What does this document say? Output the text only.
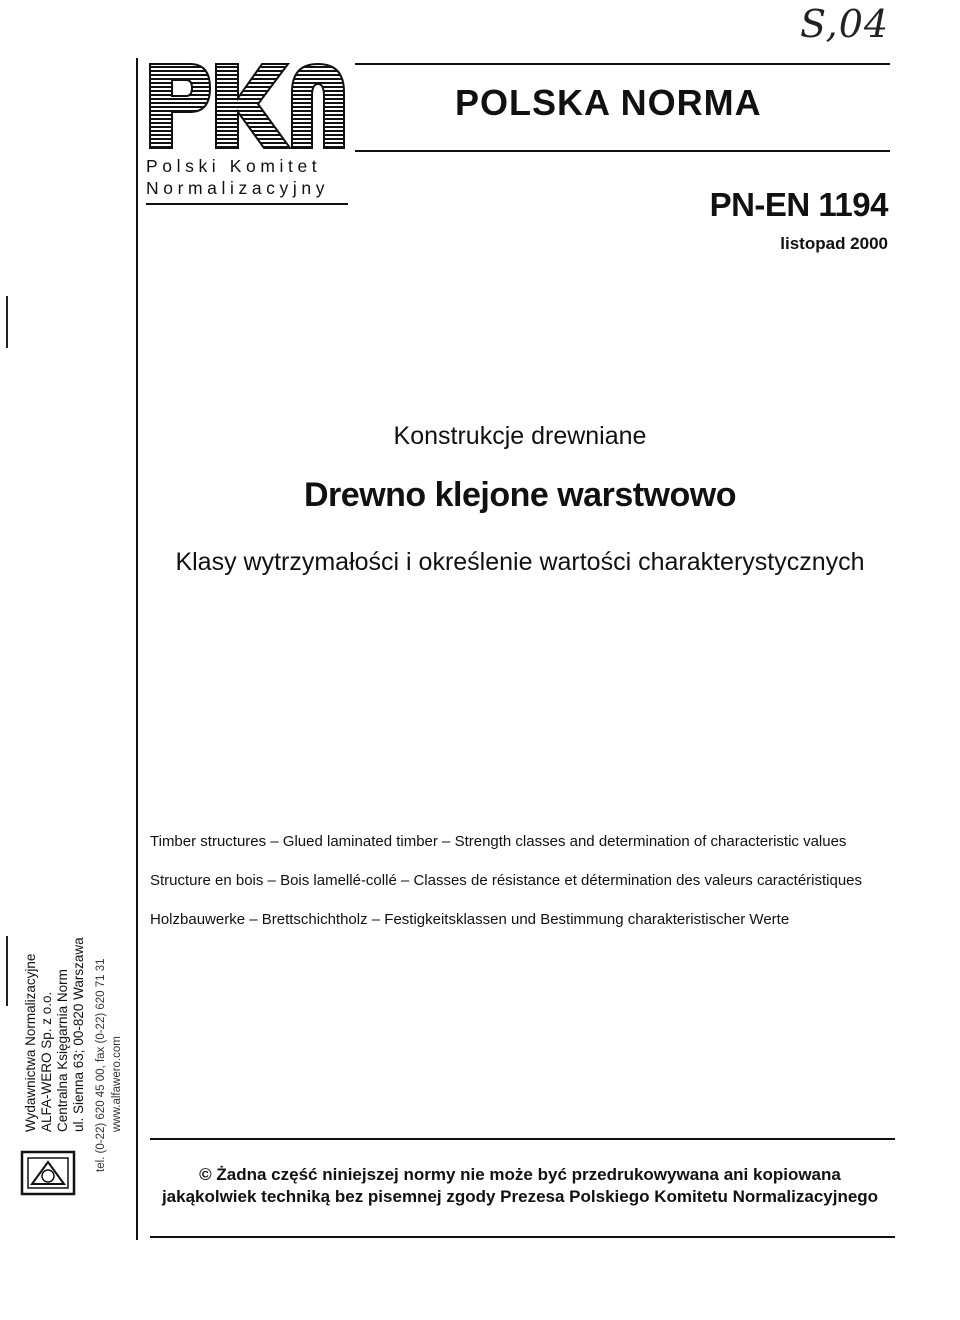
S,04
Polski Komitet
Normalizacyjny
POLSKA NORMA
PN-EN 1194
listopad 2000
Konstrukcje drewniane
Drewno klejone warstwowo
Klasy wytrzymałości i określenie wartości charakterystycznych
Timber structures – Glued laminated timber – Strength classes and determination of characteristic values
Structure en bois – Bois lamellé-collé – Classes de résistance et détermination des valeurs caractéristiques
Holzbauwerke – Brettschichtholz – Festigkeitsklassen und Bestimmung charakteristischer Werte
Wydawnictwa Normalizacyjne ALFA-WERO Sp. z o.o. Centralna Księgarnia Norm ul. Sienna 63; 00-820 Warszawa tel. (0-22) 620 45 00, fax (0-22) 620 71 31 www.alfawero.com
© Żadna część niniejszej normy nie może być przedrukowywana ani kopiowana
jakąkolwiek techniką bez pisemnej zgody Prezesa Polskiego Komitetu Normalizacyjnego
